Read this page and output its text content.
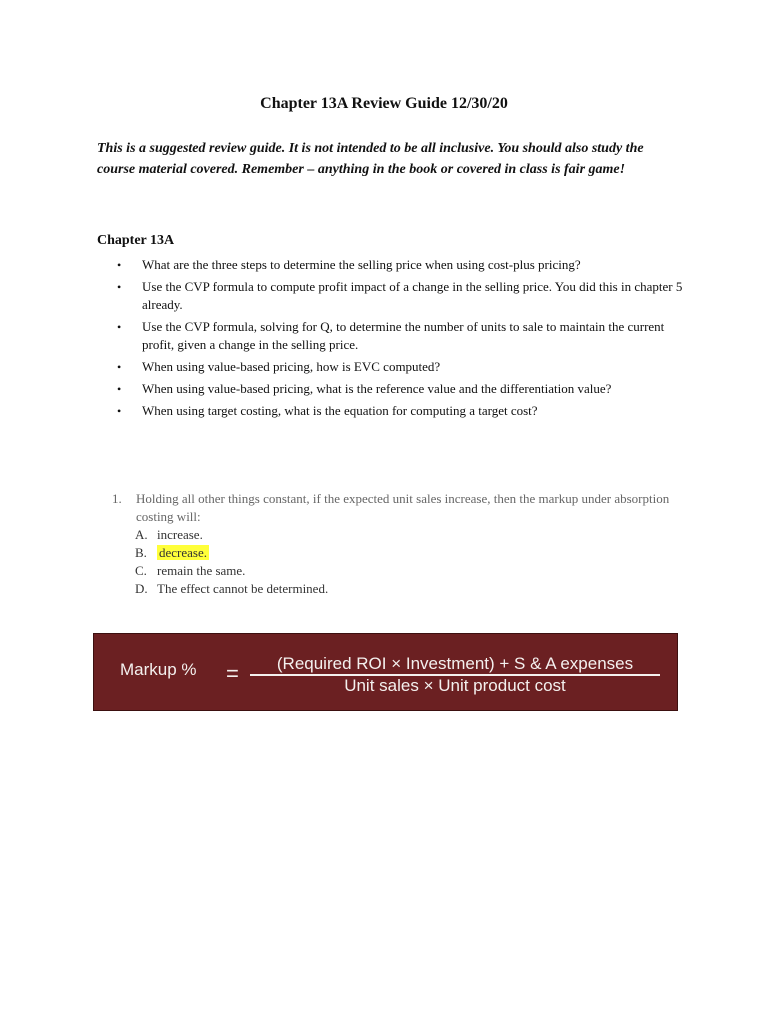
Chapter 13A Review Guide 12/30/20

This is a suggested review guide. It is not intended to be all inclusive. You should also study the course material covered. Remember – anything in the book or covered in class is fair game!

Chapter 13A
• What are the three steps to determine the selling price when using cost-plus pricing?
• Use the CVP formula to compute profit impact of a change in the selling price. You did this in chapter 5 already.
• Use the CVP formula, solving for Q, to determine the number of units to sale to maintain the current profit, given a change in the selling price.
• When using value-based pricing, how is EVC computed?
• When using value-based pricing, what is the reference value and the differentiation value?
• When using target costing, what is the equation for computing a target cost?
1.	Holding all other things constant, if the expected unit sales increase, then the markup under absorption costing will:
A. increase.
B. decrease.
C. remain the same.
D. The effect cannot be determined.
Markup % =	(Required ROI × Investment) + S & A expenses
Unit sales × Unit product cost
